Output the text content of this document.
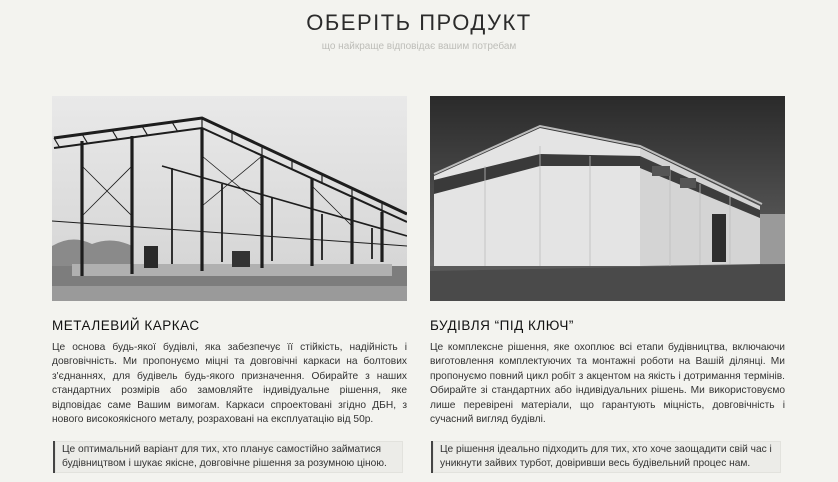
ОБЕРІТЬ ПРОДУКТ
що найкраще відповідає вашим потребам
МЕТАЛЕВИЙ КАРКАС
Це основа будь-якої будівлі, яка забезпечує її стійкість, надійність і довговічність. Ми пропонуємо міцні та довговічні каркаси на болтових з'єднаннях, для будівель будь-якого призначення. Обирайте з наших стандартних розмірів або замовляйте індивідуальне рішення, яке відповідає саме Вашим вимогам. Каркаси спроектовані згідно ДБН, з нового високоякісного металу, розраховані на експлуатацію від 50р.
БУДІВЛЯ “ПІД КЛЮЧ”
Це комплексне рішення, яке охоплює всі етапи будівництва, включаючи виготовлення комплектуючих та монтажні роботи на Вашій ділянці. Ми пропонуємо повний цикл робіт з акцентом на якість і дотримання термінів. Обирайте зі стандартних або індивідуальних рішень. Ми використовуємо лише перевірені матеріали, що гарантують міцність, довговічність і сучасний вигляд будівлі.
Це оптимальний варіант для тих, хто планує самостійно займатися будівництвом і шукає якісне, довговічне рішення за розумною ціною.
Це рішення ідеально підходить для тих, хто хоче заощадити свій час і уникнути зайвих турбот, довіривши весь будівельний процес нам.
